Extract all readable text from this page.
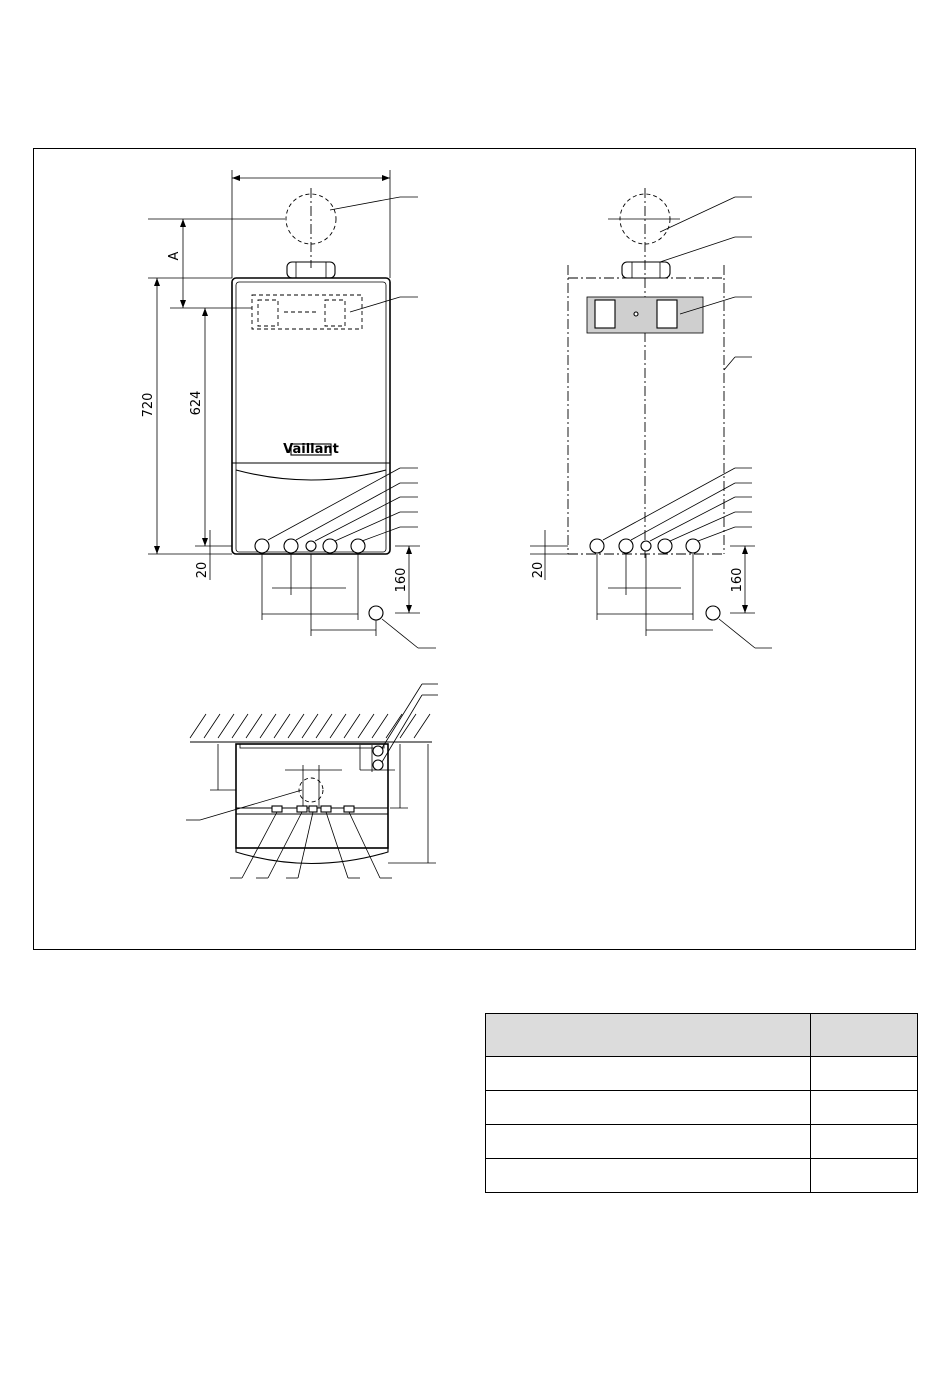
Vaillant
720	624
A
20	160	20	160
